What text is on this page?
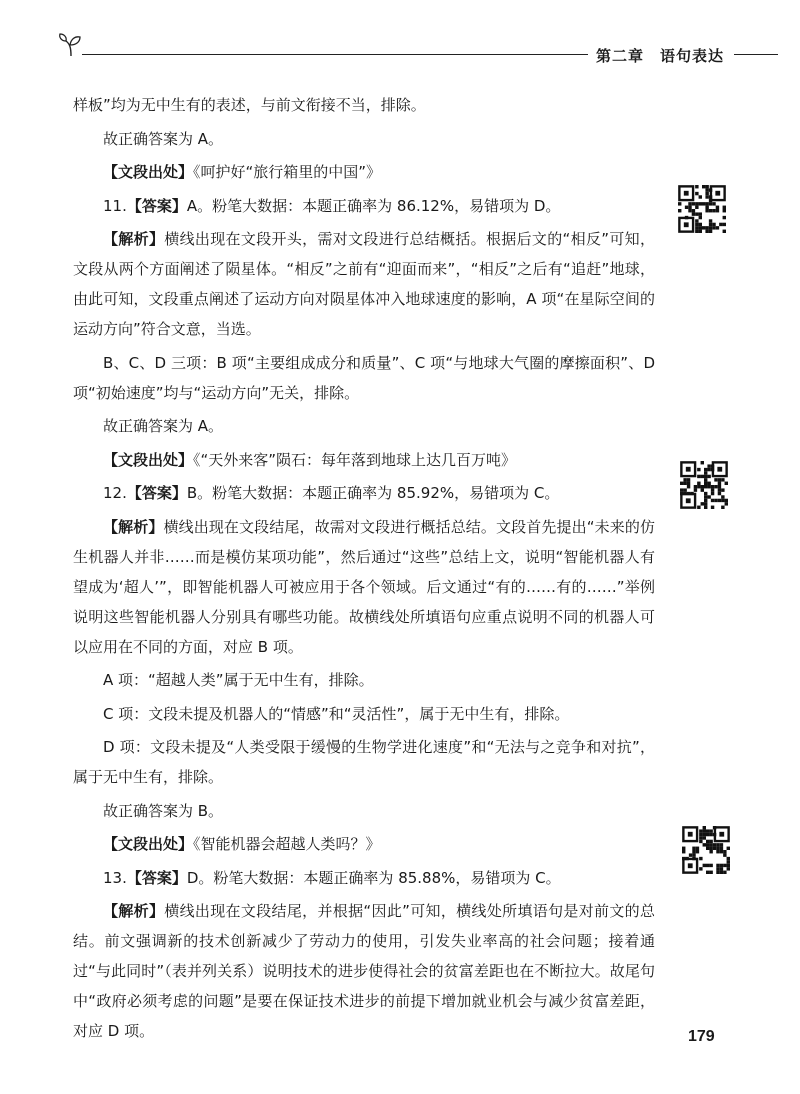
第二章 语句表达

样板”均为无中生有的表述，与前文衔接不当，排除。

故正确答案为 A。

【文段出处】《呵护好“旅行箱里的中国”》

11.【答案】A。粉笔大数据：本题正确率为 86.12%，易错项为 D。

【解析】横线出现在文段开头，需对文段进行总结概括。根据后文的“相反”可知，文段从两个方面阐述了陨星体。“相反”之前有“迎面而来”，“相反”之后有“追赶”地球，由此可知，文段重点阐述了运动方向对陨星体冲入地球速度的影响，A 项“在星际空间的运动方向”符合文意，当选。

B、C、D 三项：B 项“主要组成成分和质量”、C 项“与地球大气圈的摩擦面积”、D 项“初始速度”均与“运动方向”无关，排除。

故正确答案为 A。

【文段出处】《“天外来客”陨石：每年落到地球上达几百万吨》

12.【答案】B。粉笔大数据：本题正确率为 85.92%，易错项为 C。

【解析】横线出现在文段结尾，故需对文段进行概括总结。文段首先提出“未来的仿生机器人并非……而是模仿某项功能”，然后通过“这些”总结上文，说明“智能机器人有望成为‘超人’”，即智能机器人可被应用于各个领域。后文通过“有的……有的……”举例说明这些智能机器人分别具有哪些功能。故横线处所填语句应重点说明不同的机器人可以应用在不同的方面，对应 B 项。

A 项：“超越人类”属于无中生有，排除。

C 项：文段未提及机器人的“情感”和“灵活性”，属于无中生有，排除。

D 项：文段未提及“人类受限于缓慢的生物学进化速度”和“无法与之竞争和对抗”，属于无中生有，排除。

故正确答案为 B。

【文段出处】《智能机器会超越人类吗？》

13.【答案】D。粉笔大数据：本题正确率为 85.88%，易错项为 C。

【解析】横线出现在文段结尾，并根据“因此”可知，横线处所填语句是对前文的总结。前文强调新的技术创新减少了劳动力的使用，引发失业率高的社会问题；接着通过“与此同时”（表并列关系）说明技术的进步使得社会的贫富差距也在不断拉大。故尾句中“政府必须考虑的问题”是要在保证技术进步的前提下增加就业机会与减少贫富差距，对应 D 项。	179
